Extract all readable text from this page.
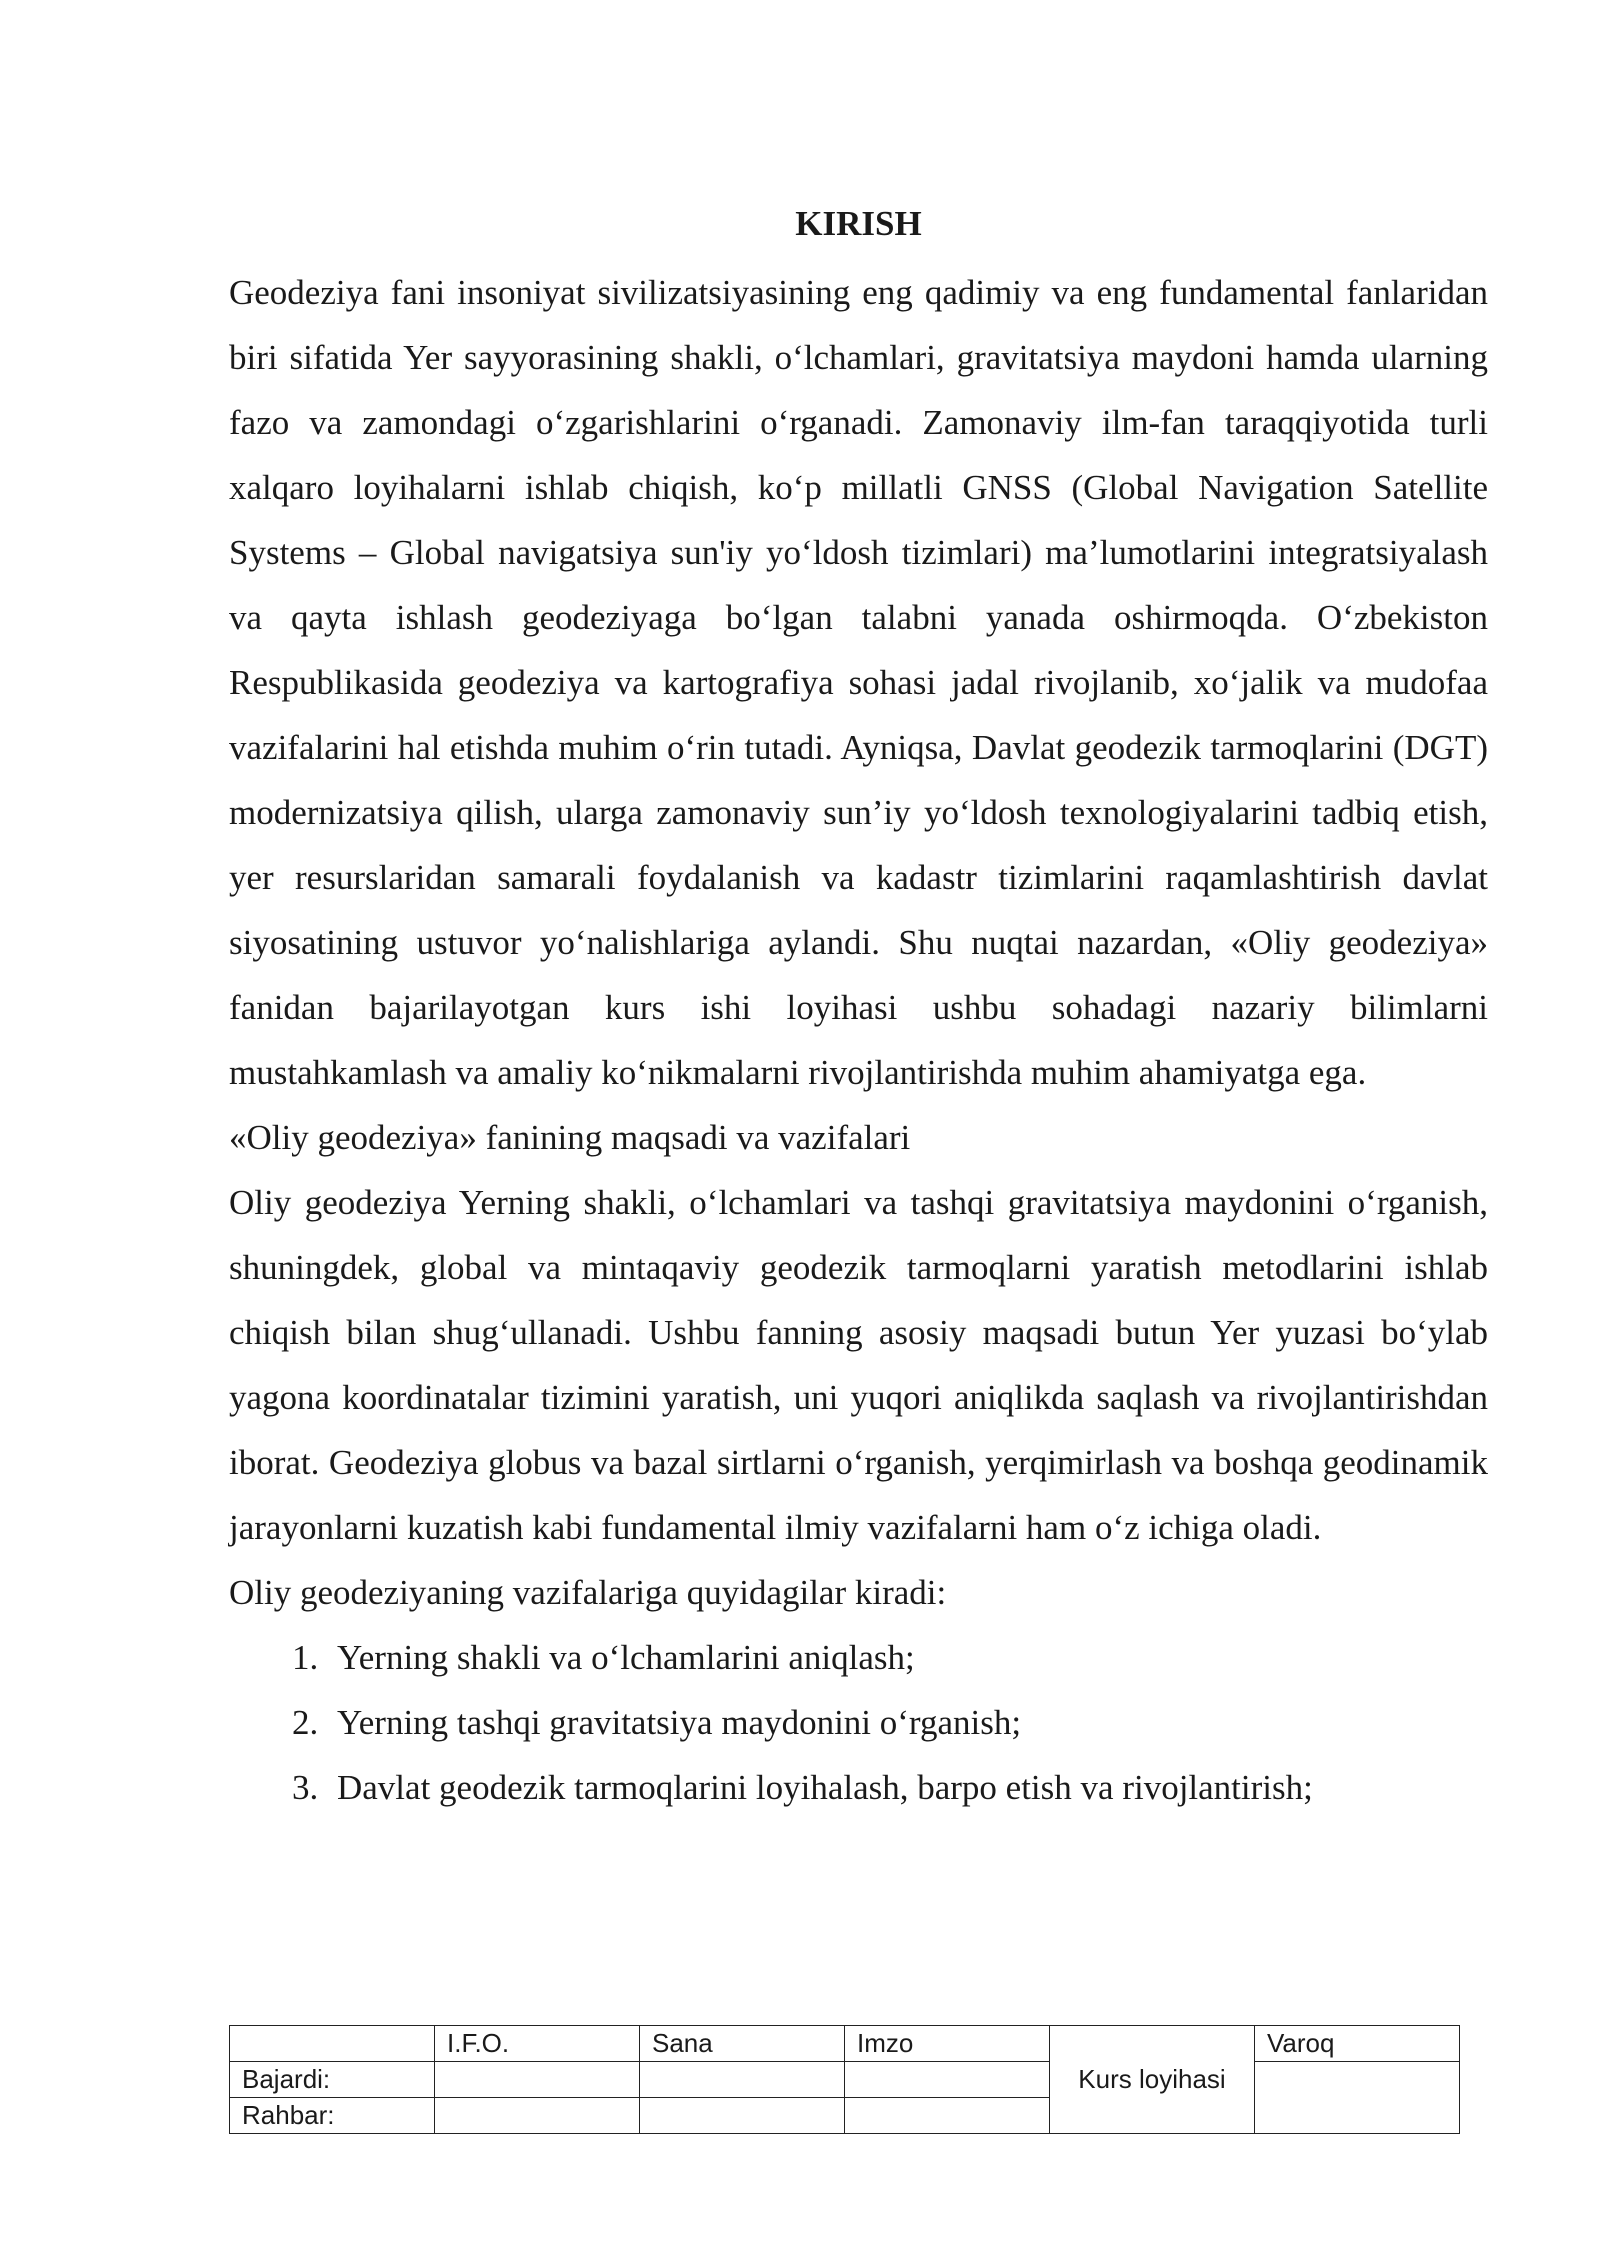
KIRISH

Geodeziya fani insoniyat sivilizatsiyasining eng qadimiy va eng fundamental fanlaridan biri sifatida Yer sayyorasining shakli, o‘lchamlari, gravitatsiya maydoni hamda ularning fazo va zamondagi o‘zgarishlarini o‘rganadi. Zamonaviy ilm-fan taraqqiyotida turli xalqaro loyihalarni ishlab chiqish, ko‘p millatli GNSS (Global Navigation Satellite Systems – Global navigatsiya sun'iy yo‘ldosh tizimlari) ma’lumotlarini integratsiyalash va qayta ishlash geodeziyaga bo‘lgan talabni yanada oshirmoqda. O‘zbekiston Respublikasida geodeziya va kartografiya sohasi jadal rivojlanib, xo‘jalik va mudofaa vazifalarini hal etishda muhim o‘rin tutadi. Ayniqsa, Davlat geodezik tarmoqlarini (DGT) modernizatsiya qilish, ularga zamonaviy sun’iy yo‘ldosh texnologiyalarini tadbiq etish, yer resurslaridan samarali foydalanish va kadastr tizimlarini raqamlashtirish davlat siyosatining ustuvor yo‘nalishlariga aylandi. Shu nuqtai nazardan, «Oliy geodeziya» fanidan bajarilayotgan kurs ishi loyihasi ushbu sohadagi nazariy bilimlarni mustahkamlash va amaliy ko‘nikmalarni rivojlantirishda muhim ahamiyatga ega.

«Oliy geodeziya» fanining maqsadi va vazifalari

Oliy geodeziya Yerning shakli, o‘lchamlari va tashqi gravitatsiya maydonini o‘rganish, shuningdek, global va mintaqaviy geodezik tarmoqlarni yaratish metodlarini ishlab chiqish bilan shug‘ullanadi. Ushbu fanning asosiy maqsadi butun Yer yuzasi bo‘ylab yagona koordinatalar tizimini yaratish, uni yuqori aniqlikda saqlash va rivojlantirishdan iborat. Geodeziya globus va bazal sirtlarni o‘rganish, yerqimirlash va boshqa geodinamik jarayonlarni kuzatish kabi fundamental ilmiy vazifalarni ham o‘z ichiga oladi.

Oliy geodeziyaning vazifalariga quyidagilar kiradi:

1. Yerning shakli va o‘lchamlarini aniqlash;
2. Yerning tashqi gravitatsiya maydonini o‘rganish;
3. Davlat geodezik tarmoqlarini loyihalash, barpo etish va rivojlantirish;
	I.F.O.	Sana	Imzo	Kurs loyihasi	Varoq
Bajardi:					
Rahbar:					
